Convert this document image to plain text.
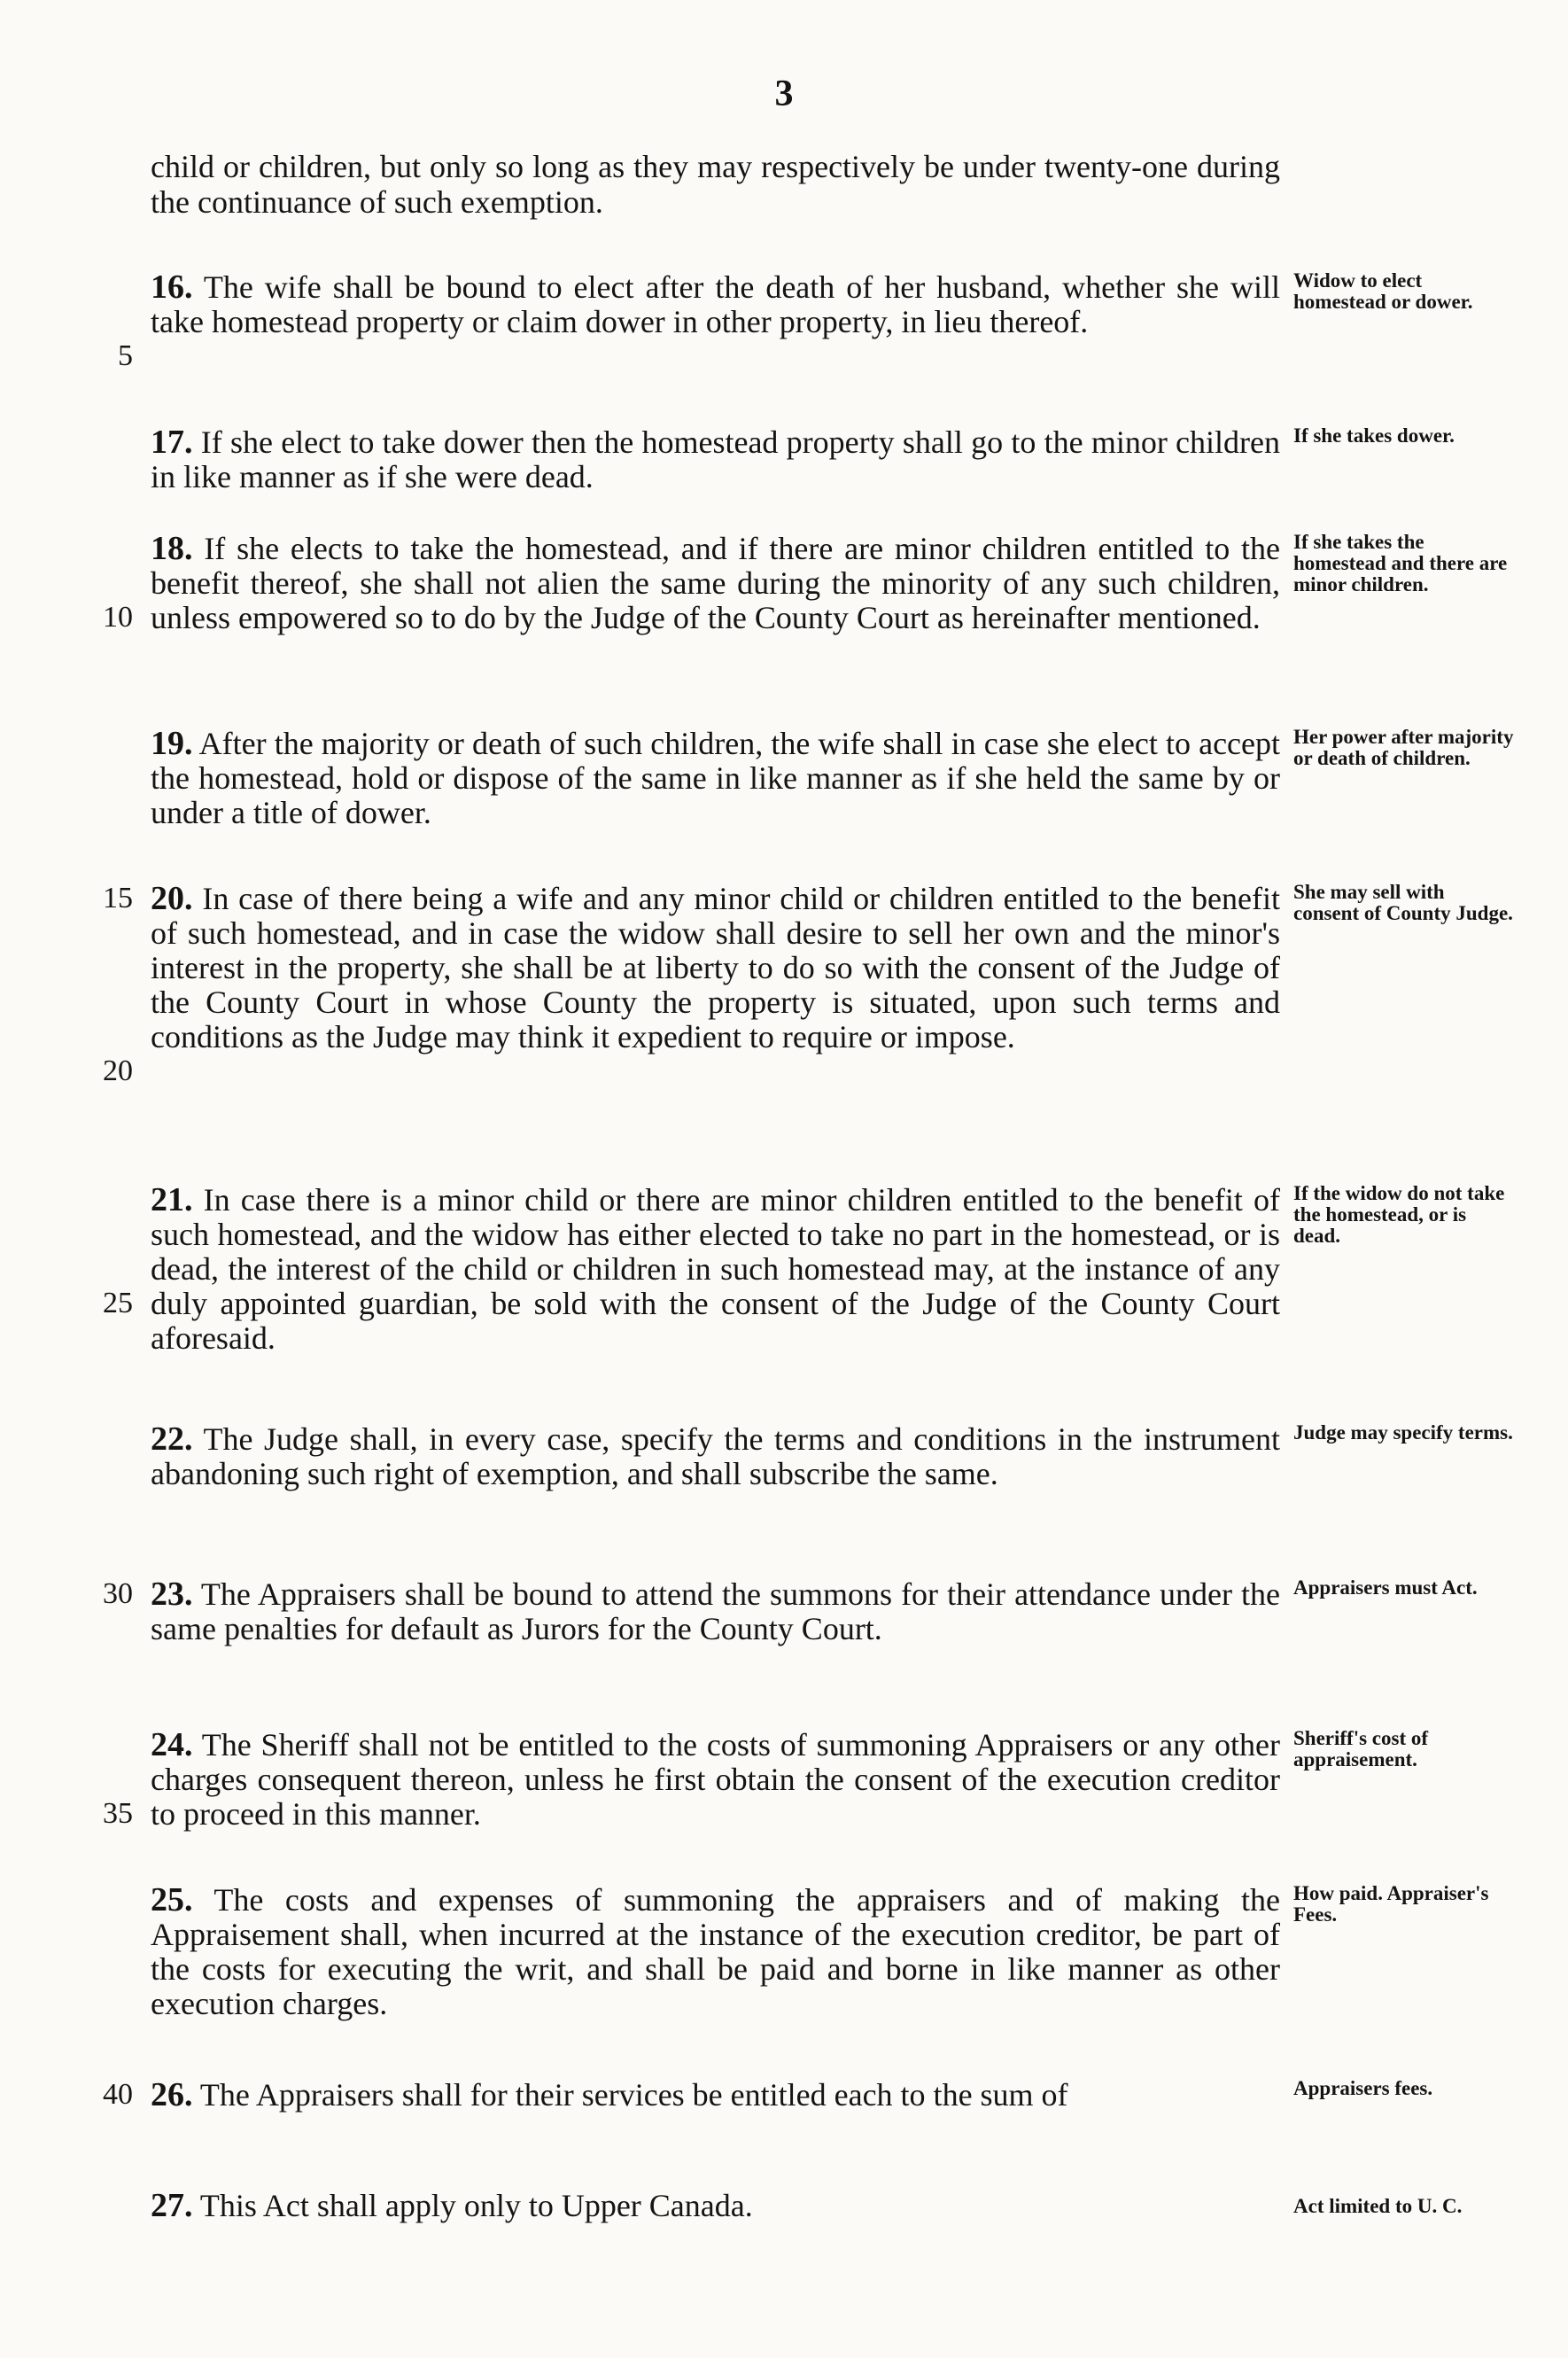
3
child or children, but only so long as they may respectively be under twenty-one during the continuance of such exemption.
16. The wife shall be bound to elect after the death of her husband, whether she will take homestead property or claim dower in other property, in lieu thereof.
Widow to elect homestead or dower.
17. If she elect to take dower then the homestead property shall go to the minor children in like manner as if she were dead.
If she takes dower.
18. If she elects to take the homestead, and if there are minor children entitled to the benefit thereof, she shall not alien the same during the minority of any such children, unless empowered so to do by the Judge of the County Court as hereinafter mentioned.
If she takes the homestead and there are minor children.
19. After the majority or death of such children, the wife shall in case she elect to accept the homestead, hold or dispose of the same in like manner as if she held the same by or under a title of dower.
Her power after majority or death of children.
20. In case of there being a wife and any minor child or children entitled to the benefit of such homestead, and in case the widow shall desire to sell her own and the minor's interest in the property, she shall be at liberty to do so with the consent of the Judge of the County Court in whose County the property is situated, upon such terms and conditions as the Judge may think it expedient to require or impose.
She may sell with consent of County Judge.
21. In case there is a minor child or there are minor children entitled to the benefit of such homestead, and the widow has either elected to take no part in the homestead, or is dead, the interest of the child or children in such homestead may, at the instance of any duly appointed guardian, be sold with the consent of the Judge of the County Court aforesaid.
If the widow do not take the homestead, or is dead.
22. The Judge shall, in every case, specify the terms and conditions in the instrument abandoning such right of exemption, and shall subscribe the same.
Judge may specify terms.
23. The Appraisers shall be bound to attend the summons for their attendance under the same penalties for default as Jurors for the County Court.
Appraisers must Act.
24. The Sheriff shall not be entitled to the costs of summoning Appraisers or any other charges consequent thereon, unless he first obtain the consent of the execution creditor to proceed in this manner.
Sheriff's cost of appraisement.
25. The costs and expenses of summoning the appraisers and of making the Appraisement shall, when incurred at the instance of the execution creditor, be part of the costs for executing the writ, and shall be paid and borne in like manner as other execution charges.
How paid. Appraiser's Fees.
26. The Appraisers shall for their services be entitled each to the sum of	Appraisers fees.
27. This Act shall apply only to Upper Canada.	Act limited to U. C.
5
10
15
20
25
30
35
40
